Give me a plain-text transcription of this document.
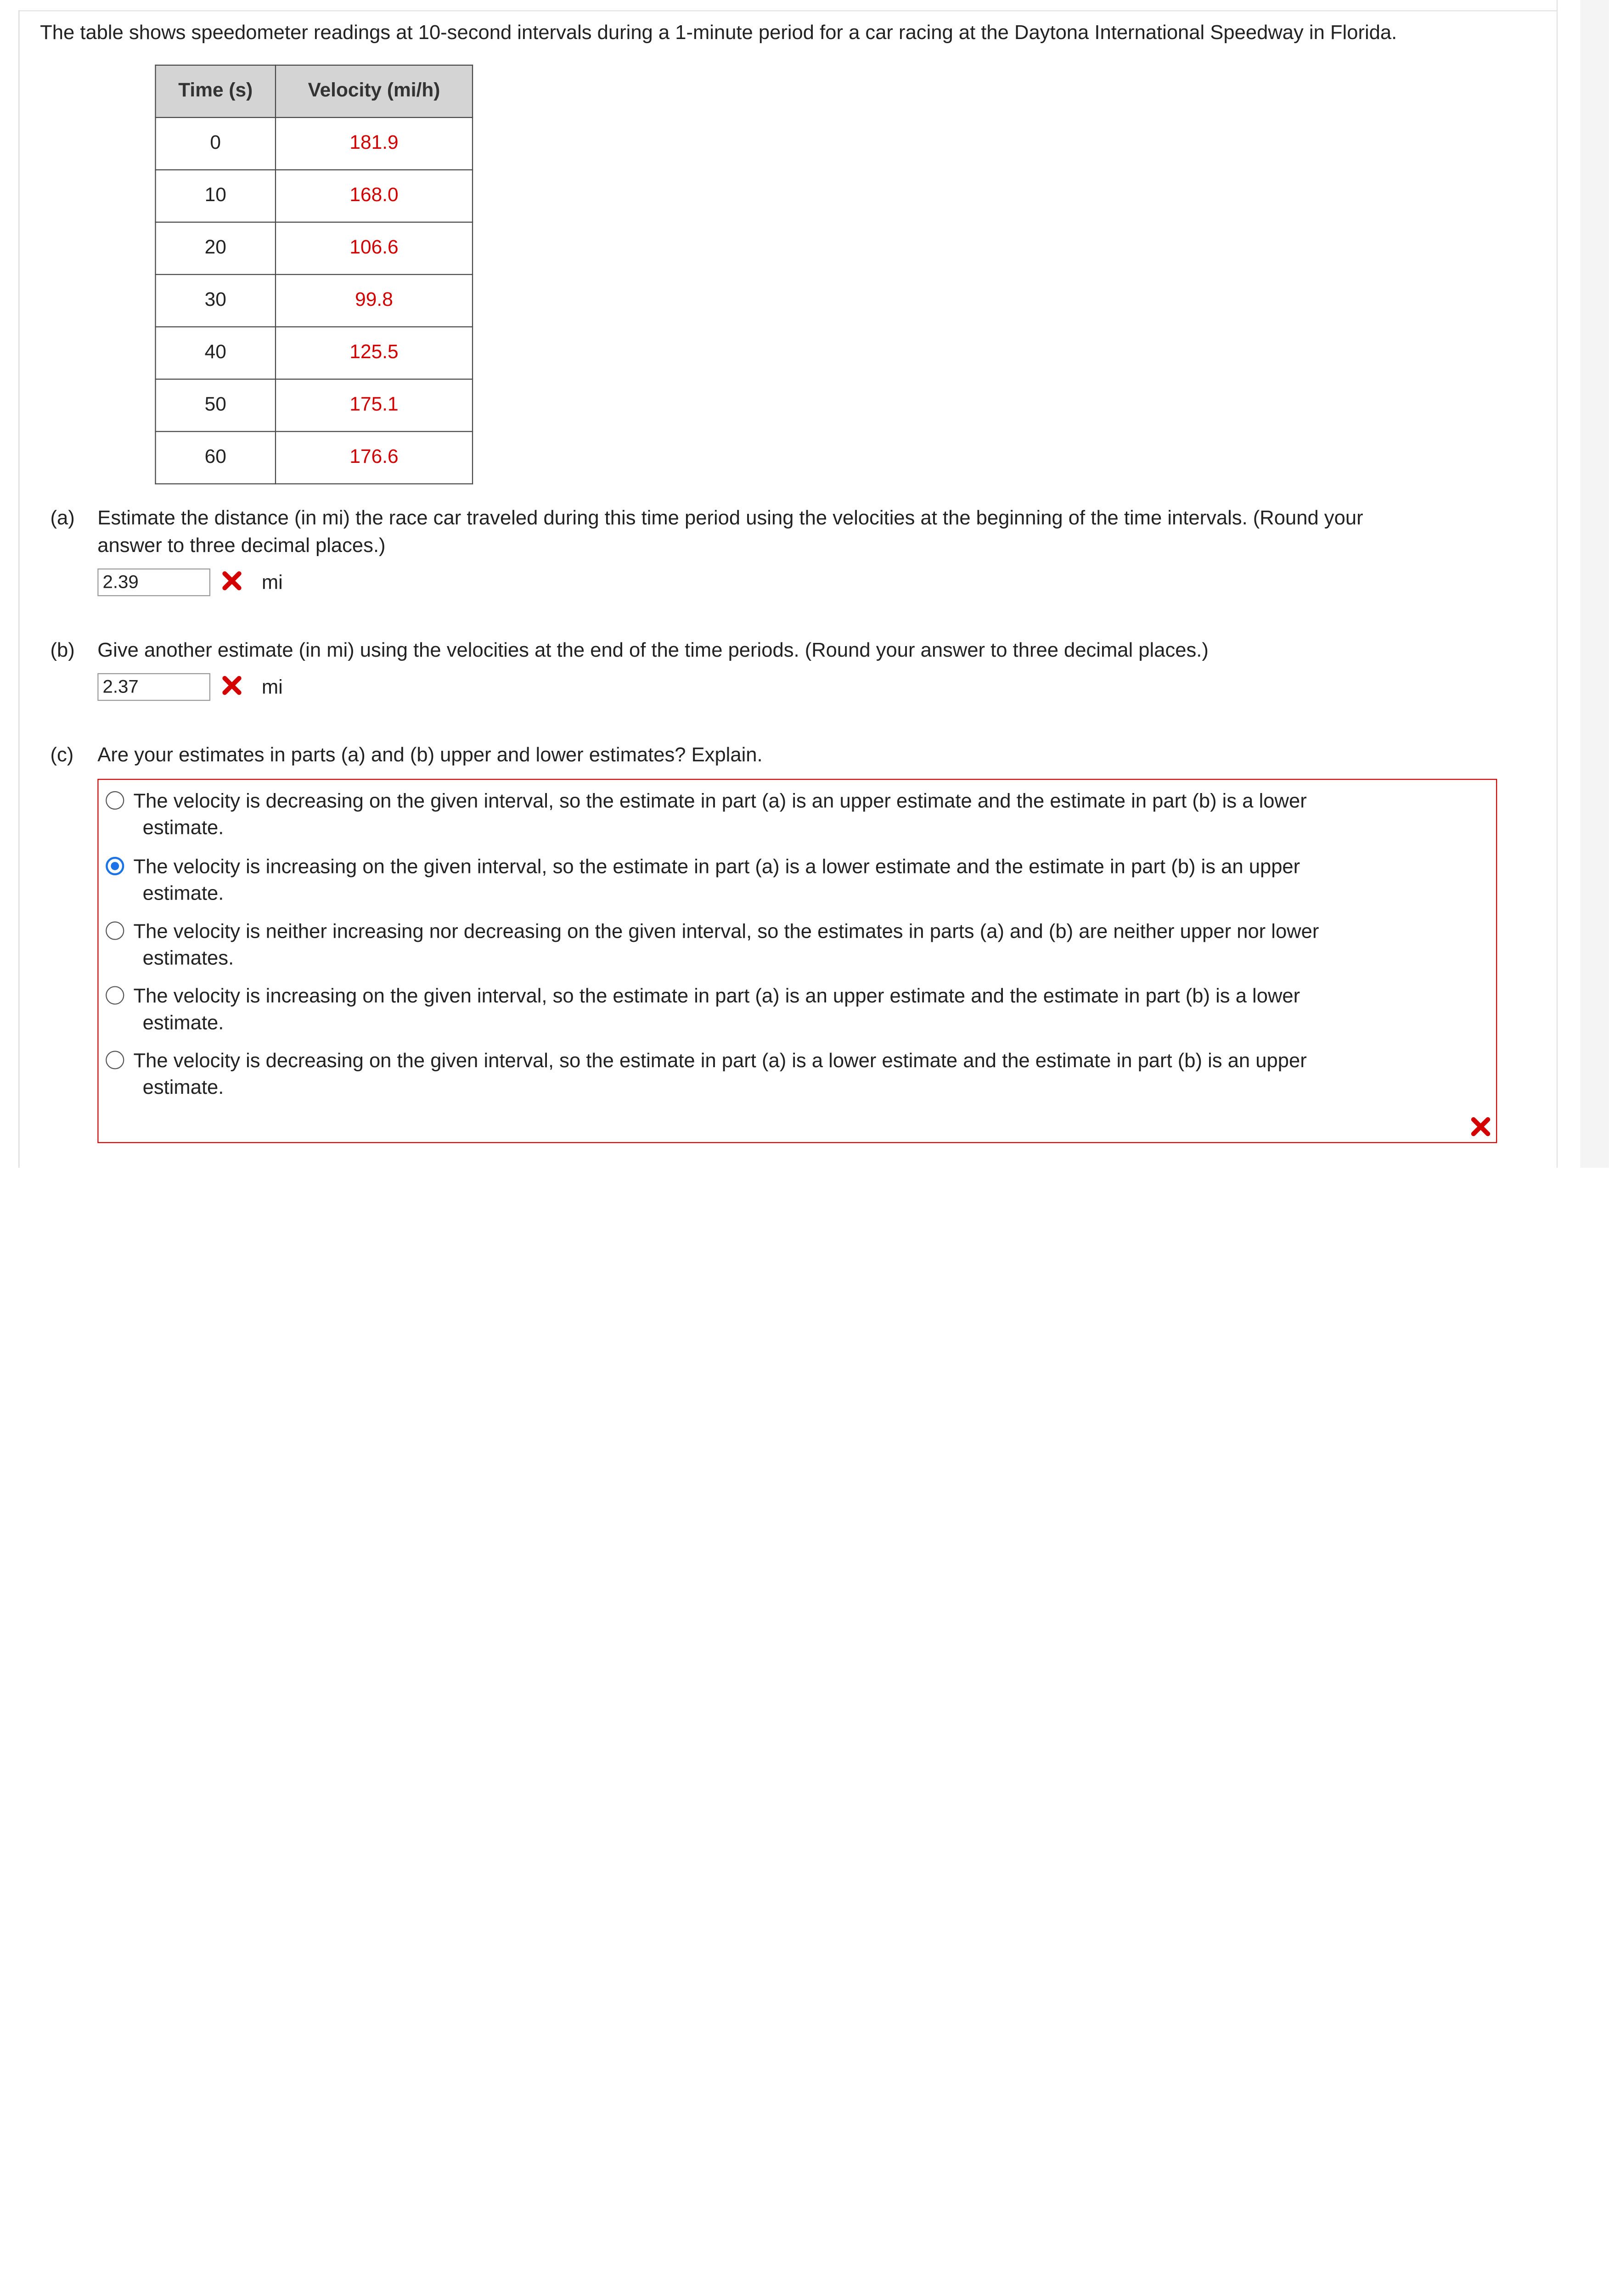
The table shows speedometer readings at 10-second intervals during a 1-minute period for a car racing at the Daytona International Speedway in Florida.
Time (s)	Velocity (mi/h)
0	181.9
10	168.0
20	106.6
30	99.8
40	125.5
50	175.1
60	176.6
(a)	Estimate the distance (in mi) the race car traveled during this time period using the velocities at the beginning of the time intervals. (Round your
answer to three decimal places.)
2.39
mi
(b)	Give another estimate (in mi) using the velocities at the end of the time periods. (Round your answer to three decimal places.)
2.37
mi
(c)	Are your estimates in parts (a) and (b) upper and lower estimates? Explain.
The velocity is decreasing on the given interval, so the estimate in part (a) is an upper estimate and the estimate in part (b) is a lower
estimate.
The velocity is increasing on the given interval, so the estimate in part (a) is a lower estimate and the estimate in part (b) is an upper
estimate.
The velocity is neither increasing nor decreasing on the given interval, so the estimates in parts (a) and (b) are neither upper nor lower
estimates.
The velocity is increasing on the given interval, so the estimate in part (a) is an upper estimate and the estimate in part (b) is a lower
estimate.
The velocity is decreasing on the given interval, so the estimate in part (a) is a lower estimate and the estimate in part (b) is an upper
estimate.
